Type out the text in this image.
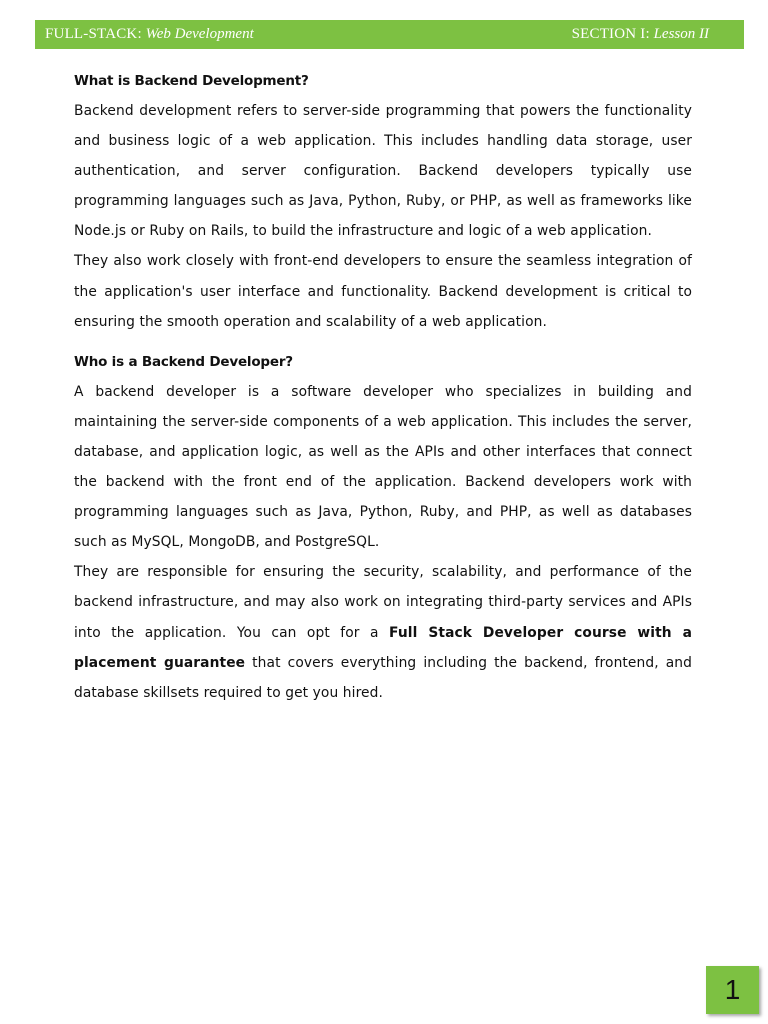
FULL-STACK: Web Development	SECTION I: Lesson II
What is Backend Development?

Backend development refers to server-side programming that powers the functionality and business logic of a web application. This includes handling data storage, user authentication, and server configuration. Backend developers typically use programming languages such as Java, Python, Ruby, or PHP, as well as frameworks like Node.js or Ruby on Rails, to build the infrastructure and logic of a web application.

They also work closely with front-end developers to ensure the seamless integration of the application's user interface and functionality. Backend development is critical to ensuring the smooth operation and scalability of a web application.

Who is a Backend Developer?

A backend developer is a software developer who specializes in building and maintaining the server-side components of a web application. This includes the server, database, and application logic, as well as the APIs and other interfaces that connect the backend with the front end of the application. Backend developers work with programming languages such as Java, Python, Ruby, and PHP, as well as databases such as MySQL, MongoDB, and PostgreSQL.

They are responsible for ensuring the security, scalability, and performance of the backend infrastructure, and may also work on integrating third-party services and APIs into the application. You can opt for a Full Stack Developer course with a placement guarantee that covers everything including the backend, frontend, and database skillsets required to get you hired.

1
